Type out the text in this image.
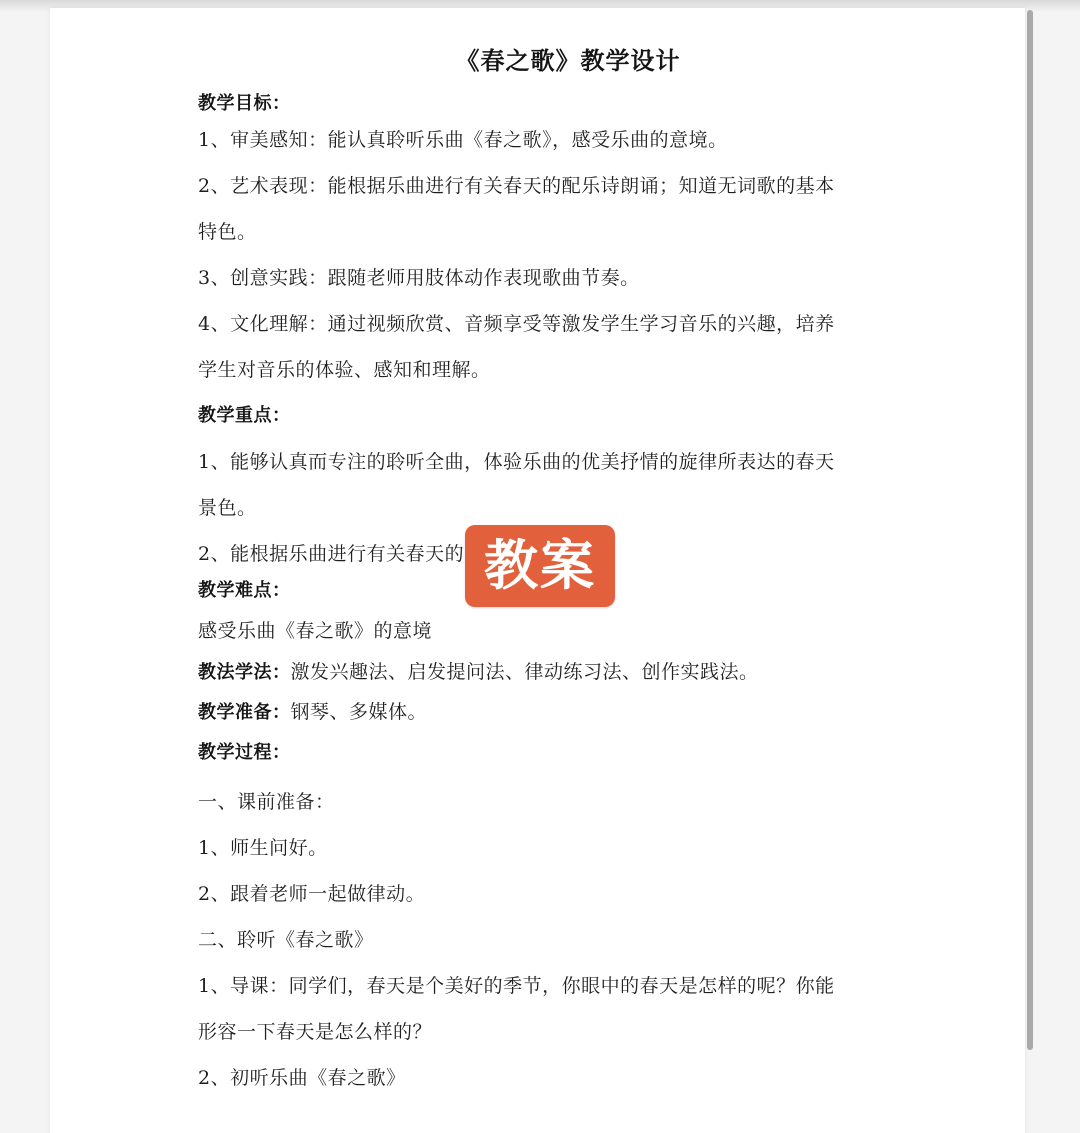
《春之歌》教学设计
教学目标：
1、审美感知：能认真聆听乐曲《春之歌》，感受乐曲的意境。
2、艺术表现：能根据乐曲进行有关春天的配乐诗朗诵；知道无词歌的基本
特色。
3、创意实践：跟随老师用肢体动作表现歌曲节奏。
4、文化理解：通过视频欣赏、音频享受等激发学生学习音乐的兴趣，培养
学生对音乐的体验、感知和理解。
教学重点：
1、能够认真而专注的聆听全曲，体验乐曲的优美抒情的旋律所表达的春天
景色。
2、能根据乐曲进行有关春天的
教学难点：
感受乐曲《春之歌》的意境
教法学法：激发兴趣法、启发提问法、律动练习法、创作实践法。
教学准备：钢琴、多媒体。
教学过程：
一、课前准备：
1、师生问好。
2、跟着老师一起做律动。
二、聆听《春之歌》
1、导课：同学们，春天是个美好的季节，你眼中的春天是怎样的呢？你能
形容一下春天是怎么样的？
2、初听乐曲《春之歌》
教案
